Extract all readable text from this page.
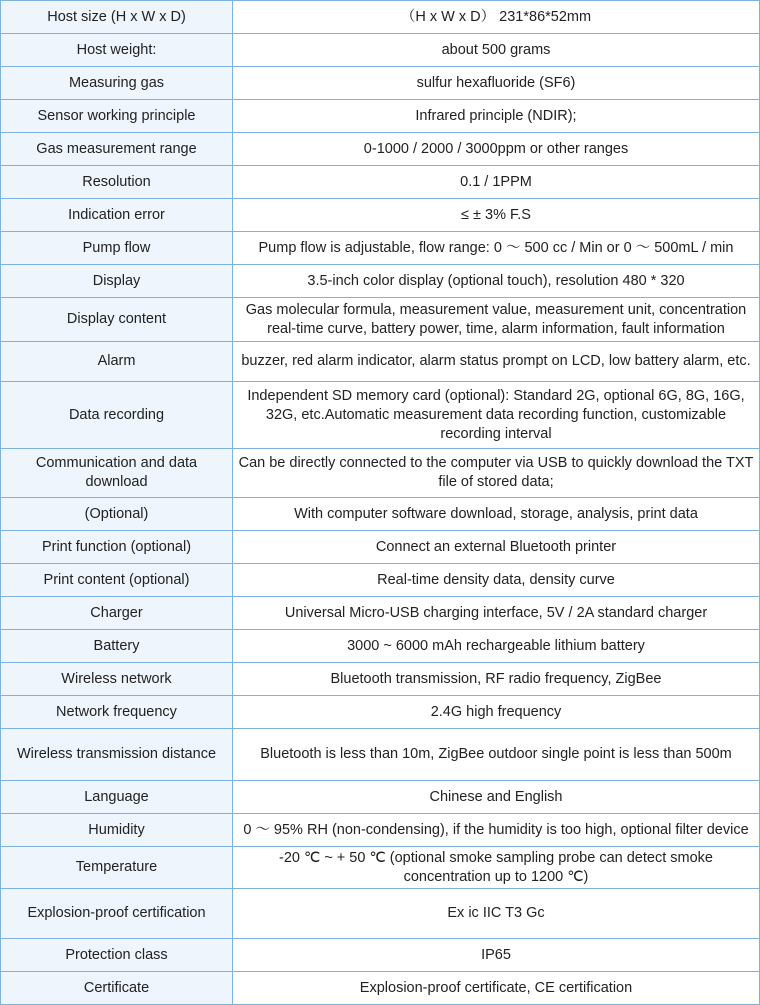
Host size (H x W x D)	（H x W x D） 231*86*52mm
Host weight:	about 500 grams
Measuring gas	sulfur hexafluoride (SF6)
Sensor working principle	Infrared principle (NDIR);
Gas measurement range	0-1000 / 2000 / 3000ppm or other ranges
Resolution	0.1 / 1PPM
Indication error	≤ ± 3% F.S
Pump flow	Pump flow is adjustable, flow range: 0 ～ 500 cc / Min or 0 ～ 500mL / min
Display	3.5-inch color display (optional touch), resolution 480 * 320
Display content	Gas molecular formula, measurement value, measurement unit, concentration real-time curve, battery power, time, alarm information, fault information
Alarm	buzzer, red alarm indicator, alarm status prompt on LCD, low battery alarm, etc.
Data recording	Independent SD memory card (optional): Standard 2G, optional 6G, 8G, 16G, 32G, etc.Automatic measurement data recording function, customizable recording interval
Communication and data download	Can be directly connected to the computer via USB to quickly download the TXT file of stored data;
(Optional)	With computer software download, storage, analysis, print data
Print function (optional)	Connect an external Bluetooth printer
Print content (optional)	Real-time density data, density curve
Charger	Universal Micro-USB charging interface, 5V / 2A standard charger
Battery	3000 ~ 6000 mAh rechargeable lithium battery
Wireless network	Bluetooth transmission, RF radio frequency, ZigBee
Network frequency	2.4G high frequency
Wireless transmission distance	Bluetooth is less than 10m, ZigBee outdoor single point is less than 500m
Language	Chinese and English
Humidity	0 ～ 95% RH (non-condensing), if the humidity is too high, optional filter device
Temperature	-20 ℃ ~ + 50 ℃ (optional smoke sampling probe can detect smoke concentration up to 1200 ℃)
Explosion-proof certification	Ex ic IIC T3 Gc
Protection class	IP65
Certificate	Explosion-proof certificate, CE certification
